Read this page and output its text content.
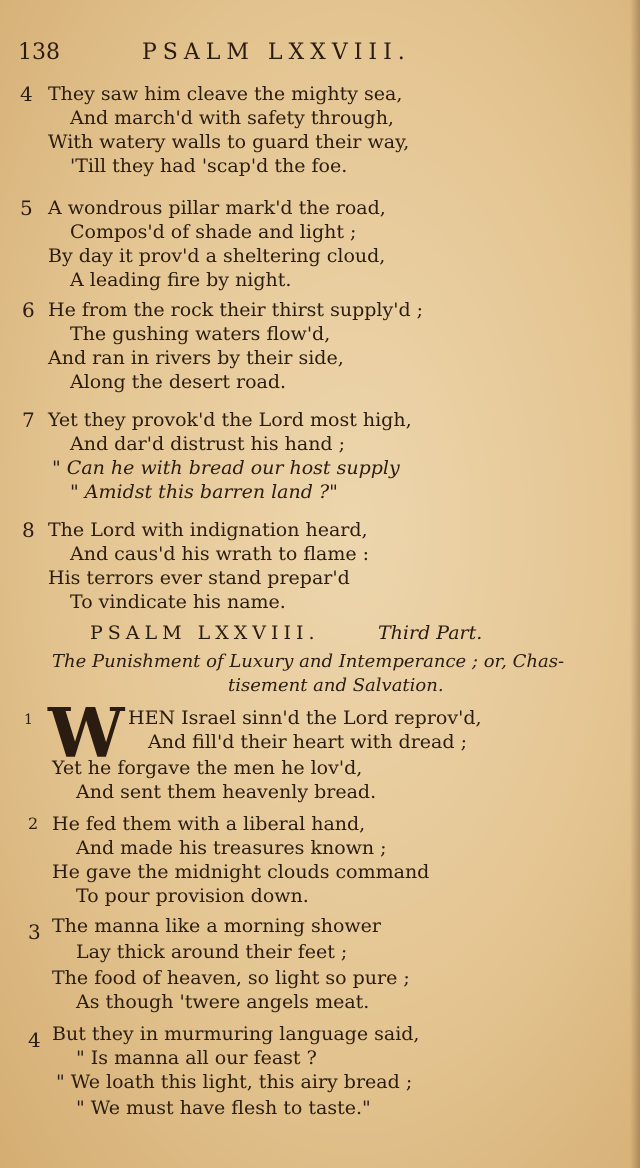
138	PSALM LXXVIII.
4 They saw him cleave the mighty sea,
And march'd with safety through,
With watery walls to guard their way,
'Till they had 'scap'd the foe.
5 A wondrous pillar mark'd the road,
Compos'd of shade and light ;
By day it prov'd a sheltering cloud,
A leading fire by night.
6 He from the rock their thirst supply'd ;
The gushing waters flow'd,
And ran in rivers by their side,
Along the desert road.
7 Yet they provok'd the Lord most high,
And dar'd distrust his hand ;
" Can he with bread our host supply
" Amidst this barren land ?"
8 The Lord with indignation heard,
And caus'd his wrath to flame :
His terrors ever stand prepar'd
To vindicate his name.
PSALM LXXVIII.	Third Part.
The Punishment of Luxury and Intemperance ; or, Chas-
tisement and Salvation.
1 W HEN Israel sinn'd the Lord reprov'd,
And fill'd their heart with dread ;
Yet he forgave the men he lov'd,
And sent them heavenly bread.
2 He fed them with a liberal hand,
And made his treasures known ;
He gave the midnight clouds command
To pour provision down.
3 The manna like a morning shower
Lay thick around their feet ;
The food of heaven, so light so pure ;
As though 'twere angels meat.
4 But they in murmuring language said,
" Is manna all our feast ?
" We loath this light, this airy bread ;
" We must have flesh to taste."
